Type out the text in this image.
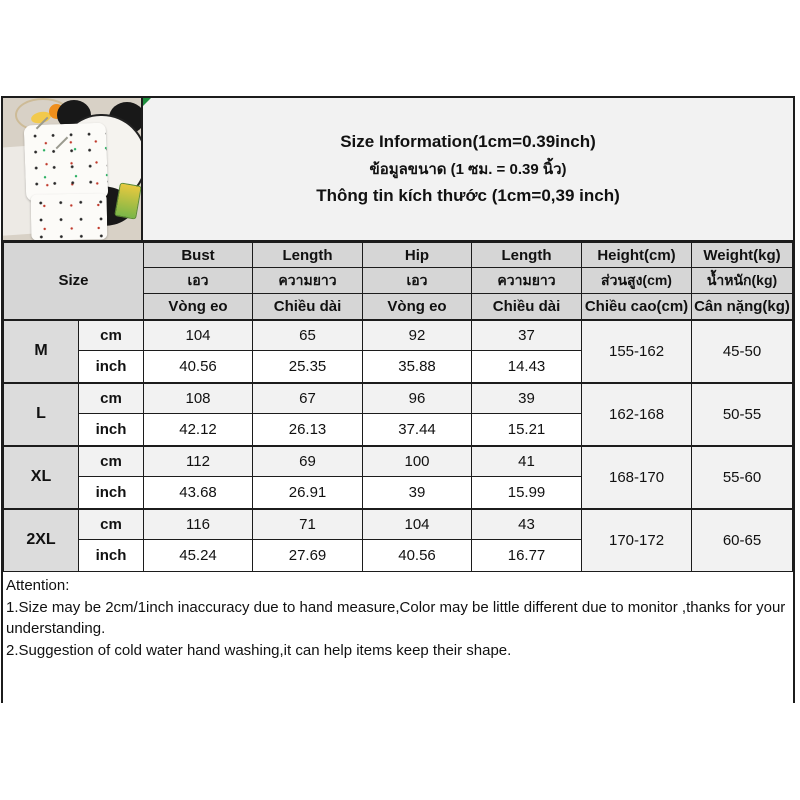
Size Information(1cm=0.39inch)
ข้อมูลขนาด (1 ซม. = 0.39 นิ้ว)
Thông tin kích thước (1cm=0,39 inch)
Size		Bust	Length	Hip	Length	Height(cm)	Weight(kg)
		เอว	ความยาว	เอว	ความยาว	ส่วนสูง(cm)	น้ำหนัก(kg)
		Vòng eo	Chiều dài	Vòng eo	Chiều dài	Chiều cao(cm)	Cân nặng(kg)
M	cm	104	65	92	37	155-162	45-50
	inch	40.56	25.35	35.88	14.43		
L	cm	108	67	96	39	162-168	50-55
	inch	42.12	26.13	37.44	15.21		
XL	cm	112	69	100	41	168-170	55-60
	inch	43.68	26.91	39	15.99		
2XL	cm	116	71	104	43	170-172	60-65
	inch	45.24	27.69	40.56	16.77		

Attention:

1.Size may be 2cm/1inch inaccuracy due to hand measure,Color may be little different due to monitor ,thanks for your understanding.

2.Suggestion of cold water hand washing,it can help items keep their shape.
